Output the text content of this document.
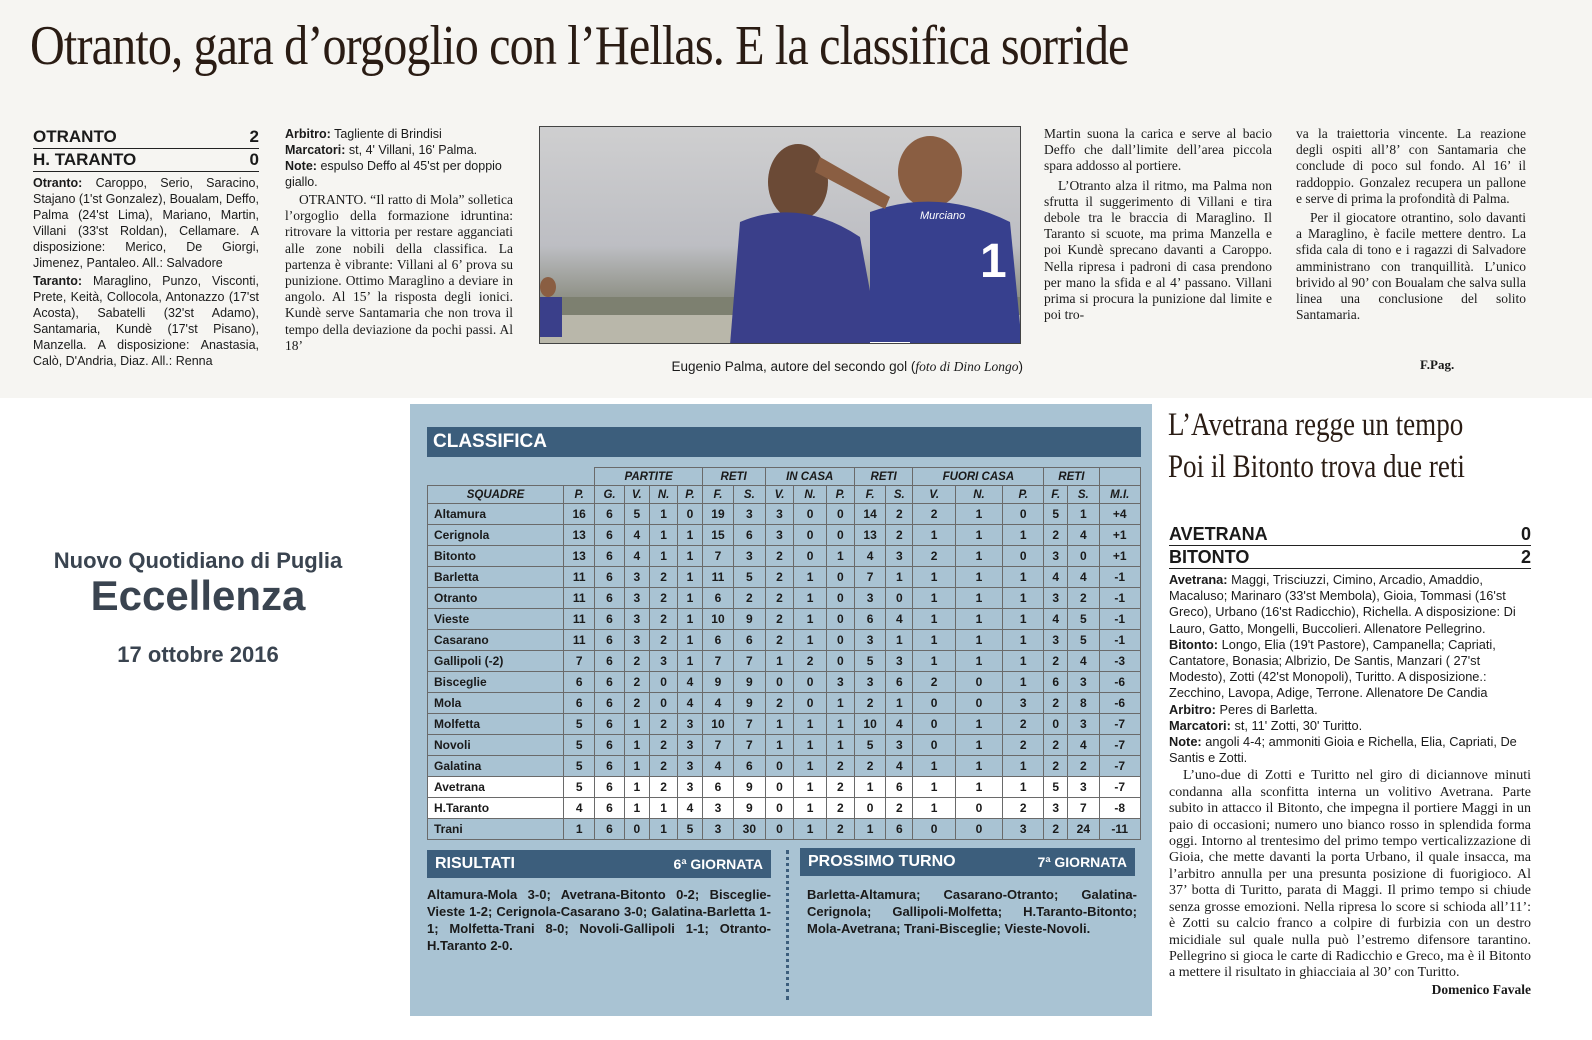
Otranto, gara d’orgoglio con l’Hellas. E la classifica sorride
OTRANTO	2
H. TARANTO	0
Otranto: Caroppo, Serio, Saracino, Stajano (1'st Gonzalez), Boualam, Deffo, Palma (24'st Lima), Mariano, Martin, Villani (33'st Roldan), Cellamare. A disposizione: Merico, De Giorgi, Jimenez, Pantaleo. All.: Salvadore
Taranto: Maraglino, Punzo, Visconti, Prete, Keità, Collocola, Antonazzo (17'st Acosta), Sabatelli (32'st Adamo), Santamaria, Kundè (17'st Pisano), Manzella. A disposizione: Anastasia, Calò, D'Andria, Diaz. All.: Renna
Arbitro: Tagliente di Brindisi
Marcatori: st, 4' Villani, 16' Palma.
Note: espulso Deffo al 45'st per doppio giallo.

OTRANTO. “Il ratto di Mola” solletica l’orgoglio della formazione idruntina: ritrovare la vittoria per restare agganciati alle zone nobili della classifica. La partenza è vibrante: Villani al 6’ prova su punizione. Ottimo Maraglino a deviare in angolo. Al 15’ la risposta degli ionici. Kundè serve Santamaria che non trova il tempo della deviazione da pochi passi. Al 18’

Murciano
1
Eugenio Palma, autore del secondo gol (foto di Dino Longo)

Martin suona la carica e serve al bacio Deffo che dall’limite dell’area piccola spara addosso al portiere.

L’Otranto alza il ritmo, ma Palma non sfrutta il suggerimento di Villani e tira debole tra le braccia di Maraglino. Il Taranto si scuote, ma prima Manzella e poi Kundè sprecano davanti a Caroppo. Nella ripresa i padroni di casa prendono per mano la sfida e al 4’ passano. Villani prima si procura la punizione dal limite e poi tro-

va la traiettoria vincente. La reazione degli ospiti all’8’ con Santamaria che conclude di poco sul fondo. Al 16’ il raddoppio. Gonzalez recupera un pallone e serve di prima la profondità di Palma.

Per il giocatore otrantino, solo davanti a Maraglino, è facile mettere dentro. La sfida cala di tono e i ragazzi di Salvadore amministrano con tranquillità. L’unico brivido al 90’ con Boualam che salva sulla linea una conclusione del solito Santamaria.

F.Pag.
Nuovo Quotidiano di Puglia
Eccellenza
17 ottobre 2016
CLASSIFICA
		PARTITE				RETI		IN CASA			RETI		FUORI CASA			RETI		
SQUADRE	P.	G.	V.	N.	P.	F.	S.	V.	N.	P.	F.	S.	V.	N.	P.	F.	S.	M.I.
Altamura	16	6	5	1	0	19	3	3	0	0	14	2	2	1	0	5	1	+4
Cerignola	13	6	4	1	1	15	6	3	0	0	13	2	1	1	1	2	4	+1
Bitonto	13	6	4	1	1	7	3	2	0	1	4	3	2	1	0	3	0	+1
Barletta	11	6	3	2	1	11	5	2	1	0	7	1	1	1	1	4	4	-1
Otranto	11	6	3	2	1	6	2	2	1	0	3	0	1	1	1	3	2	-1
Vieste	11	6	3	2	1	10	9	2	1	0	6	4	1	1	1	4	5	-1
Casarano	11	6	3	2	1	6	6	2	1	0	3	1	1	1	1	3	5	-1
Gallipoli (-2)	7	6	2	3	1	7	7	1	2	0	5	3	1	1	1	2	4	-3
Bisceglie	6	6	2	0	4	9	9	0	0	3	3	6	2	0	1	6	3	-6
Mola	6	6	2	0	4	4	9	2	0	1	2	1	0	0	3	2	8	-6
Molfetta	5	6	1	2	3	10	7	1	1	1	10	4	0	1	2	0	3	-7
Novoli	5	6	1	2	3	7	7	1	1	1	5	3	0	1	2	2	4	-7
Galatina	5	6	1	2	3	4	6	0	1	2	2	4	1	1	1	2	2	-7
Avetrana	5	6	1	2	3	6	9	0	1	2	1	6	1	1	1	5	3	-7
H.Taranto	4	6	1	1	4	3	9	0	1	2	0	2	1	0	2	3	7	-8
Trani	1	6	0	1	5	3	30	0	1	2	1	6	0	0	3	2	24	-11
RISULTATI	6ª GIORNATA
Altamura-Mola 3-0; Avetrana-Bitonto 0-2; Bisceglie-Vieste 1-2; Cerignola-Casarano 3-0; Galatina-Barletta 1-1; Molfetta-Trani 8-0; Novoli-Gallipoli 1-1; Otranto-H.Taranto 2-0.
PROSSIMO TURNO	7ª GIORNATA
Barletta-Altamura; Casarano-Otranto; Galatina-Cerignola; Gallipoli-Molfetta; H.Taranto-Bitonto; Mola-Avetrana; Trani-Bisceglie; Vieste-Novoli.
L’Avetrana regge un tempo
Poi il Bitonto trova due reti
AVETRANA	0
BITONTO	2
Avetrana: Maggi, Trisciuzzi, Cimino, Arcadio, Amaddio, Macaluso; Marinaro (33'st Membola), Gioia, Tommasi (16'st Greco), Urbano (16'st Radicchio), Richella. A disposizione: Di Lauro, Gatto, Mongelli, Buccolieri. Allenatore Pellegrino.
Bitonto: Longo, Elia (19't Pastore), Campanella; Capriati, Cantatore, Bonasia; Albrizio, De Santis, Manzari ( 27'st Modesto), Zotti (42'st Monopoli), Turitto. A disposizione.: Zecchino, Lavopa, Adige, Terrone. Allenatore De Candia
Arbitro: Peres di Barletta.
Marcatori: st, 11' Zotti, 30' Turitto.
Note: angoli 4-4; ammoniti Gioia e Richella, Elia, Capriati, De Santis e Zotti.

L’uno-due di Zotti e Turitto nel giro di diciannove minuti condanna alla sconfitta interna un volitivo Avetrana. Parte subito in attacco il Bitonto, che impegna il portiere Maggi in un paio di occasioni; numero uno bianco rosso in splendida forma oggi. Intorno al trentesimo del primo tempo verticalizzazione di Gioia, che mette davanti la porta Urbano, il quale insacca, ma l’arbitro annulla per una presunta posizione di fuorigioco. Al 37’ botta di Turitto, parata di Maggi. Il primo tempo si chiude senza grosse emozioni. Nella ripresa lo score si schioda all’11’: è Zotti su calcio franco a colpire di furbizia con un destro micidiale sul quale nulla può l’estremo difensore tarantino. Pellegrino si gioca le carte di Radicchio e Greco, ma è il Bitonto a mettere il risultato in ghiacciaia al 30’ con Turitto.

Domenico Favale
